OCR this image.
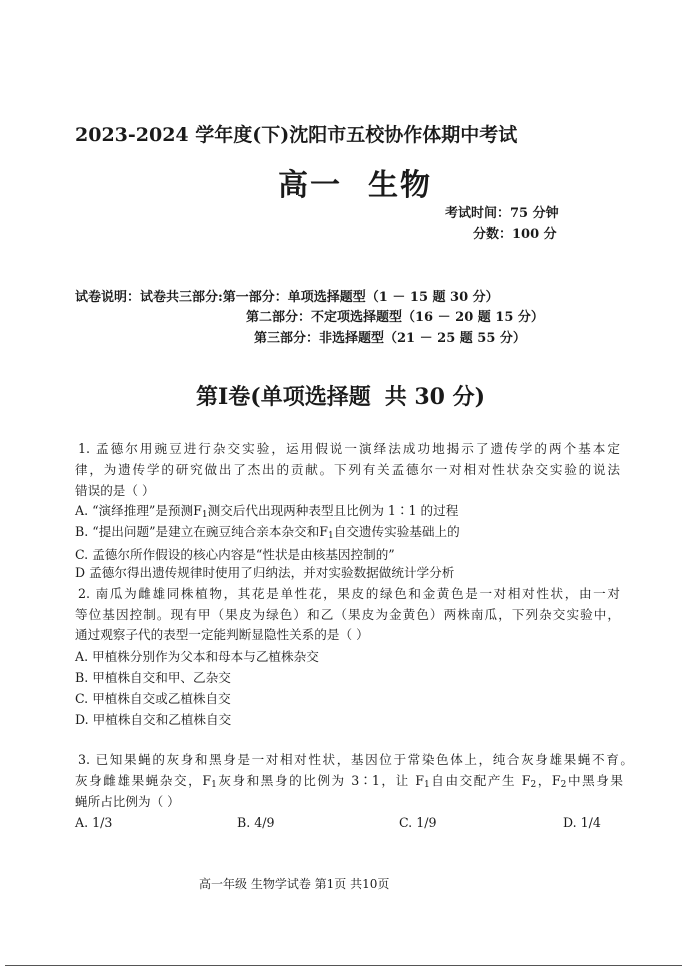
2023-2024 学年度(下)沈阳市五校协作体期中考试
高一 生物
考试时间：75 分钟
分数：100 分
试卷说明：试卷共三部分:第一部分：单项选择题型（1 － 15 题 30 分）
第二部分：不定项选择题型（16 － 20 题 15 分）
第三部分：非选择题型（21 － 25 题 55 分）
第Ⅰ卷(单项选择题 共 30 分)
1. 孟德尔用豌豆进行杂交实验，运用假说一演绎法成功地揭示了遗传学的两个基本定
律，为遗传学的研究做出了杰出的贡献。下列有关孟德尔一对相对性状杂交实验的说法
错误的是（ ）
A. “演绎推理”是预测$F_1$测交后代出现两种表型且比例为 1∶1 的过程
B. “提出问题”是建立在豌豆纯合亲本杂交和$F_1$自交遗传实验基础上的
C. 孟德尔所作假设的核心内容是“性状是由核基因控制的”
D 孟德尔得出遗传规律时使用了归纳法，并对实验数据做统计学分析
2. 南瓜为雌雄同株植物，其花是单性花，果皮的绿色和金黄色是一对相对性状，由一对
等位基因控制。现有甲（果皮为绿色）和乙（果皮为金黄色）两株南瓜，下列杂交实验中，
通过观察子代的表型一定能判断显隐性关系的是（ ）
A. 甲植株分别作为父本和母本与乙植株杂交
B. 甲植株自交和甲、乙杂交
C. 甲植株自交或乙植株自交
D. 甲植株自交和乙植株自交
3. 已知果蝇的灰身和黑身是一对相对性状，基因位于常染色体上，纯合灰身雄果蝇不育。
灰身雌雄果蝇杂交，$F_1$灰身和黑身的比例为 3∶1，让 $F_1$自由交配产生 $F_2$，$F_2$中黑身果
蝇所占比例为（ ）
A. 1/3	B. 4/9	C. 1/9	D. 1/4
高一年级 生物学试卷 第1页 共10页
